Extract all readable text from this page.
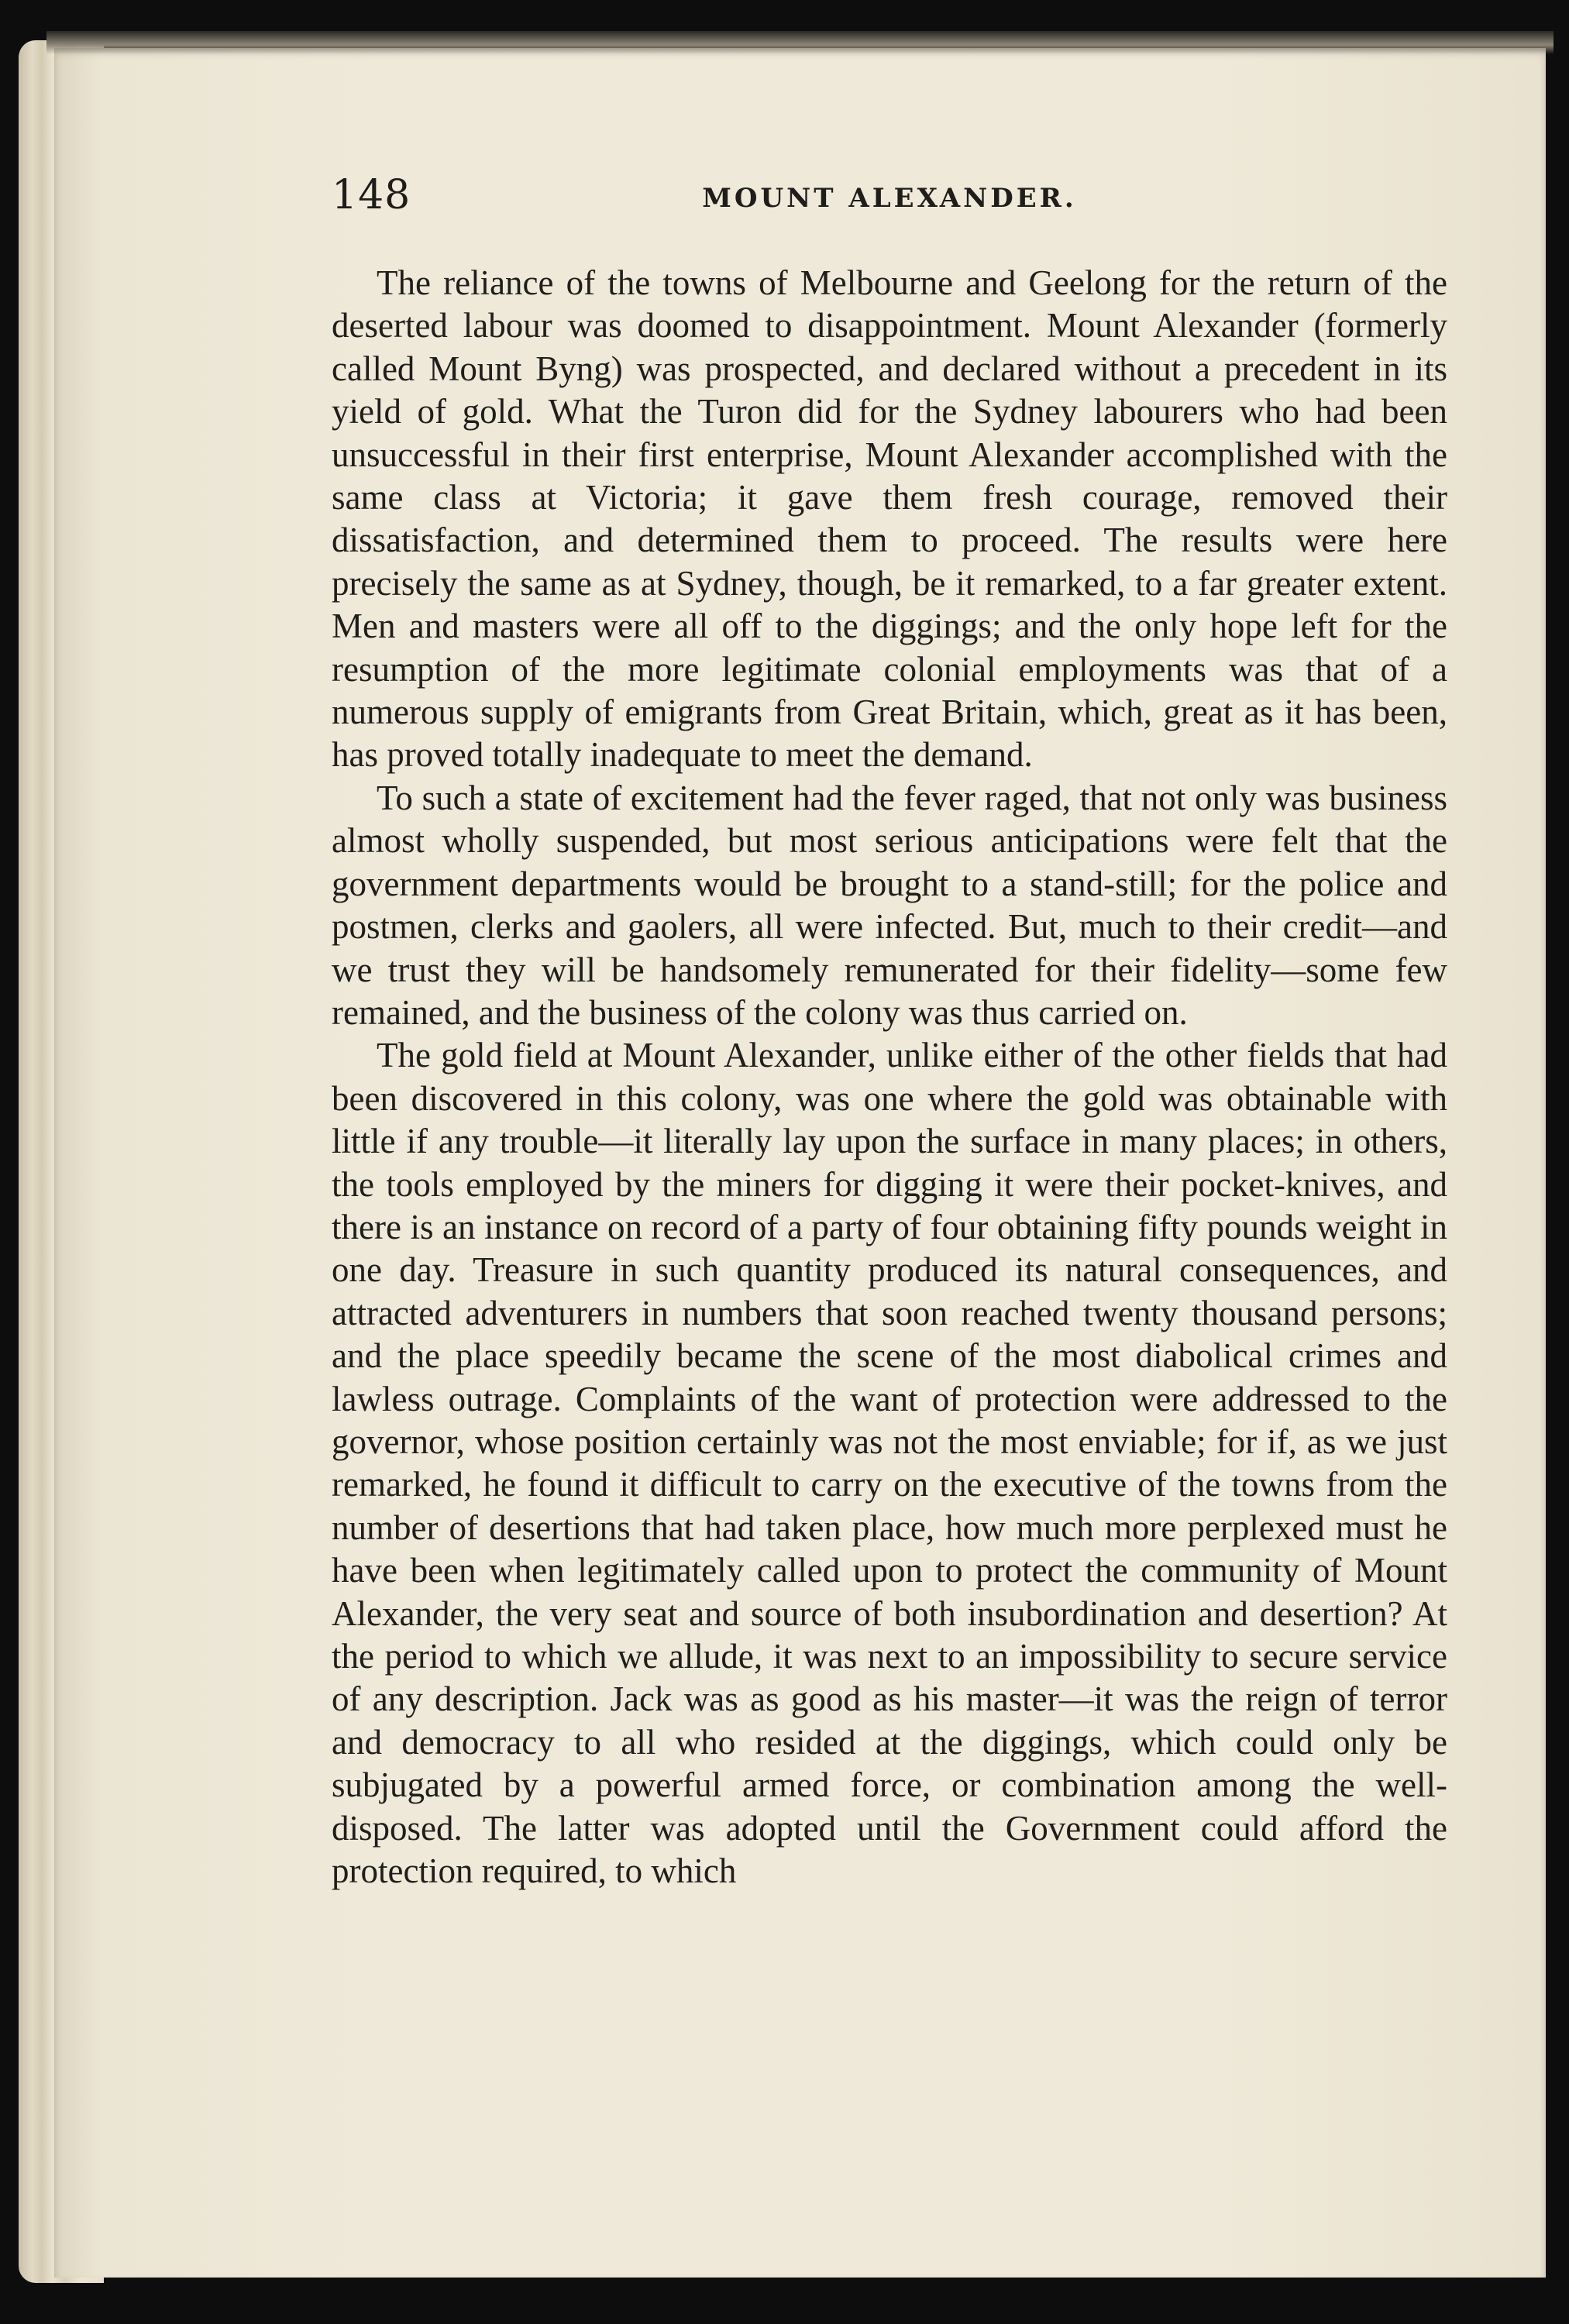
148	MOUNT ALEXANDER.

The reliance of the towns of Melbourne and Geelong for the return of the deserted labour was doomed to disappointment. Mount Alexander (formerly called Mount Byng) was prospected, and declared without a precedent in its yield of gold. What the Turon did for the Sydney labourers who had been unsuccessful in their first enterprise, Mount Alexander accomplished with the same class at Victoria; it gave them fresh courage, removed their dissatisfaction, and determined them to proceed. The results were here precisely the same as at Sydney, though, be it remarked, to a far greater extent. Men and masters were all off to the diggings; and the only hope left for the resumption of the more legitimate colonial employments was that of a numerous supply of emigrants from Great Britain, which, great as it has been, has proved totally inadequate to meet the demand.

To such a state of excitement had the fever raged, that not only was business almost wholly suspended, but most serious anticipations were felt that the government departments would be brought to a stand-still; for the police and postmen, clerks and gaolers, all were infected. But, much to their credit—and we trust they will be handsomely remunerated for their fidelity—some few remained, and the business of the colony was thus carried on.

The gold field at Mount Alexander, unlike either of the other fields that had been discovered in this colony, was one where the gold was obtainable with little if any trouble—it literally lay upon the surface in many places; in others, the tools employed by the miners for digging it were their pocket-knives, and there is an instance on record of a party of four obtaining fifty pounds weight in one day. Treasure in such quantity produced its natural consequences, and attracted adventurers in numbers that soon reached twenty thousand persons; and the place speedily became the scene of the most diabolical crimes and lawless outrage. Complaints of the want of protection were addressed to the governor, whose position certainly was not the most enviable; for if, as we just remarked, he found it difficult to carry on the executive of the towns from the number of desertions that had taken place, how much more perplexed must he have been when legitimately called upon to protect the community of Mount Alexander, the very seat and source of both insubordination and desertion? At the period to which we allude, it was next to an impossibility to secure service of any description. Jack was as good as his master—it was the reign of terror and democracy to all who resided at the diggings, which could only be subjugated by a powerful armed force, or combination among the well-disposed. The latter was adopted until the Government could afford the protection required, to which
